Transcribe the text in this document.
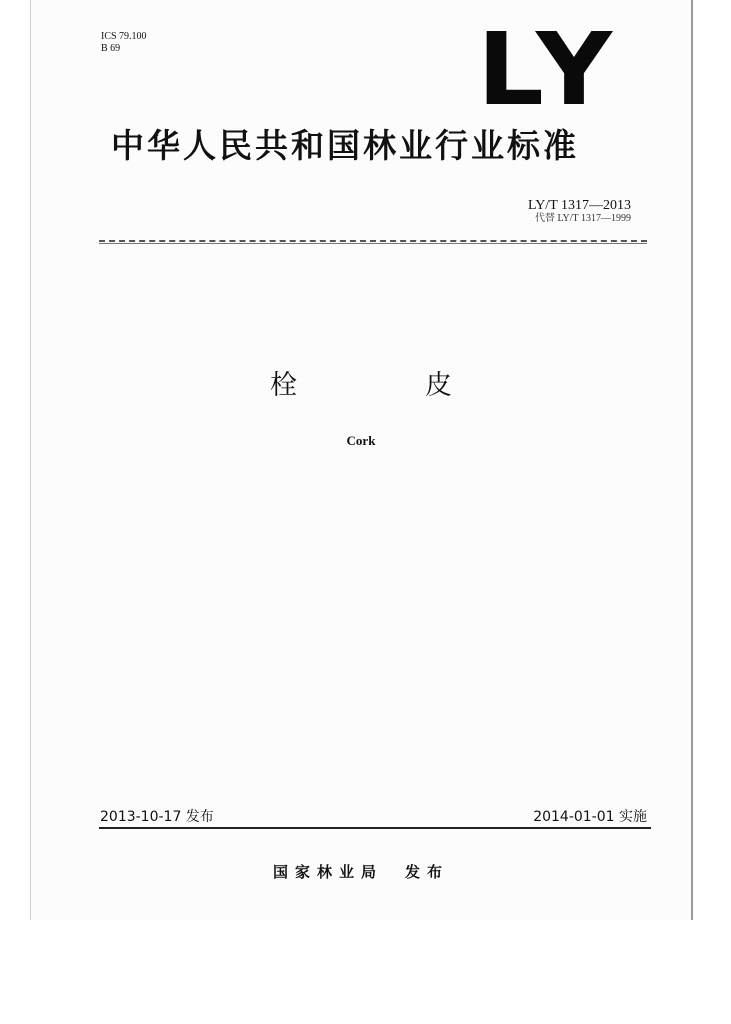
ICS 79.100
B 69	LY
中华人民共和国林业行业标准
LY/T 1317—2013
代替 LY/T 1317—1999
栓	皮
Cork
2013-10-17 发布	2014-01-01 实施
国家林业局 发布
